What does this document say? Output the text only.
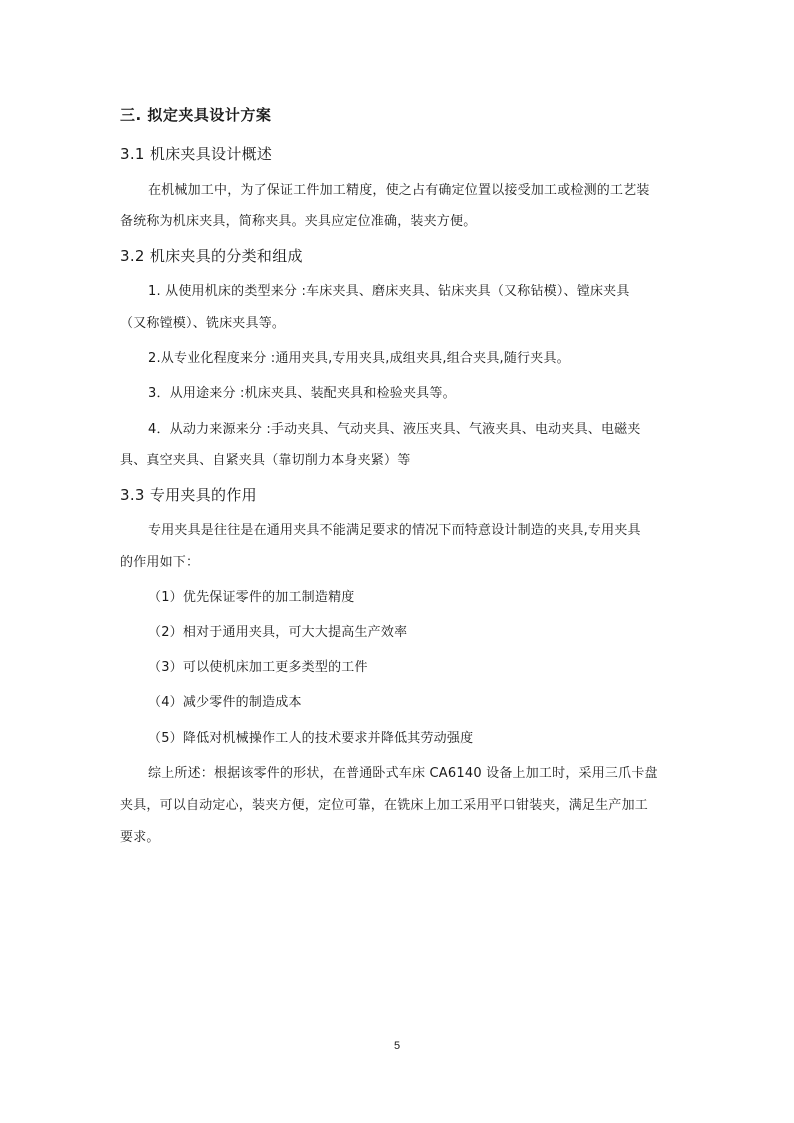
三. 拟定夹具设计方案
3.1 机床夹具设计概述
在机械加工中，为了保证工件加工精度，使之占有确定位置以接受加工或检测的工艺装
备统称为机床夹具，简称夹具。夹具应定位准确，装夹方便。
3.2 机床夹具的分类和组成
1. 从使用机床的类型来分 :车床夹具、磨床夹具、钻床夹具（又称钻模）、镗床夹具
（又称镗模）、铣床夹具等。
2.从专业化程度来分 :通用夹具,专用夹具,成组夹具,组合夹具,随行夹具。
3．从用途来分 :机床夹具、装配夹具和检验夹具等。
4．从动力来源来分 :手动夹具、气动夹具、液压夹具、气液夹具、电动夹具、电磁夹
具、真空夹具、自紧夹具（靠切削力本身夹紧）等
3.3 专用夹具的作用
专用夹具是往往是在通用夹具不能满足要求的情况下而特意设计制造的夹具,专用夹具
的作用如下：
（1）优先保证零件的加工制造精度
（2）相对于通用夹具，可大大提高生产效率
（3）可以使机床加工更多类型的工件
（4）减少零件的制造成本
（5）降低对机械操作工人的技术要求并降低其劳动强度
综上所述：根据该零件的形状，在普通卧式车床 CA6140 设备上加工时，采用三爪卡盘
夹具，可以自动定心，装夹方便，定位可靠，在铣床上加工采用平口钳装夹，满足生产加工
要求。
5
